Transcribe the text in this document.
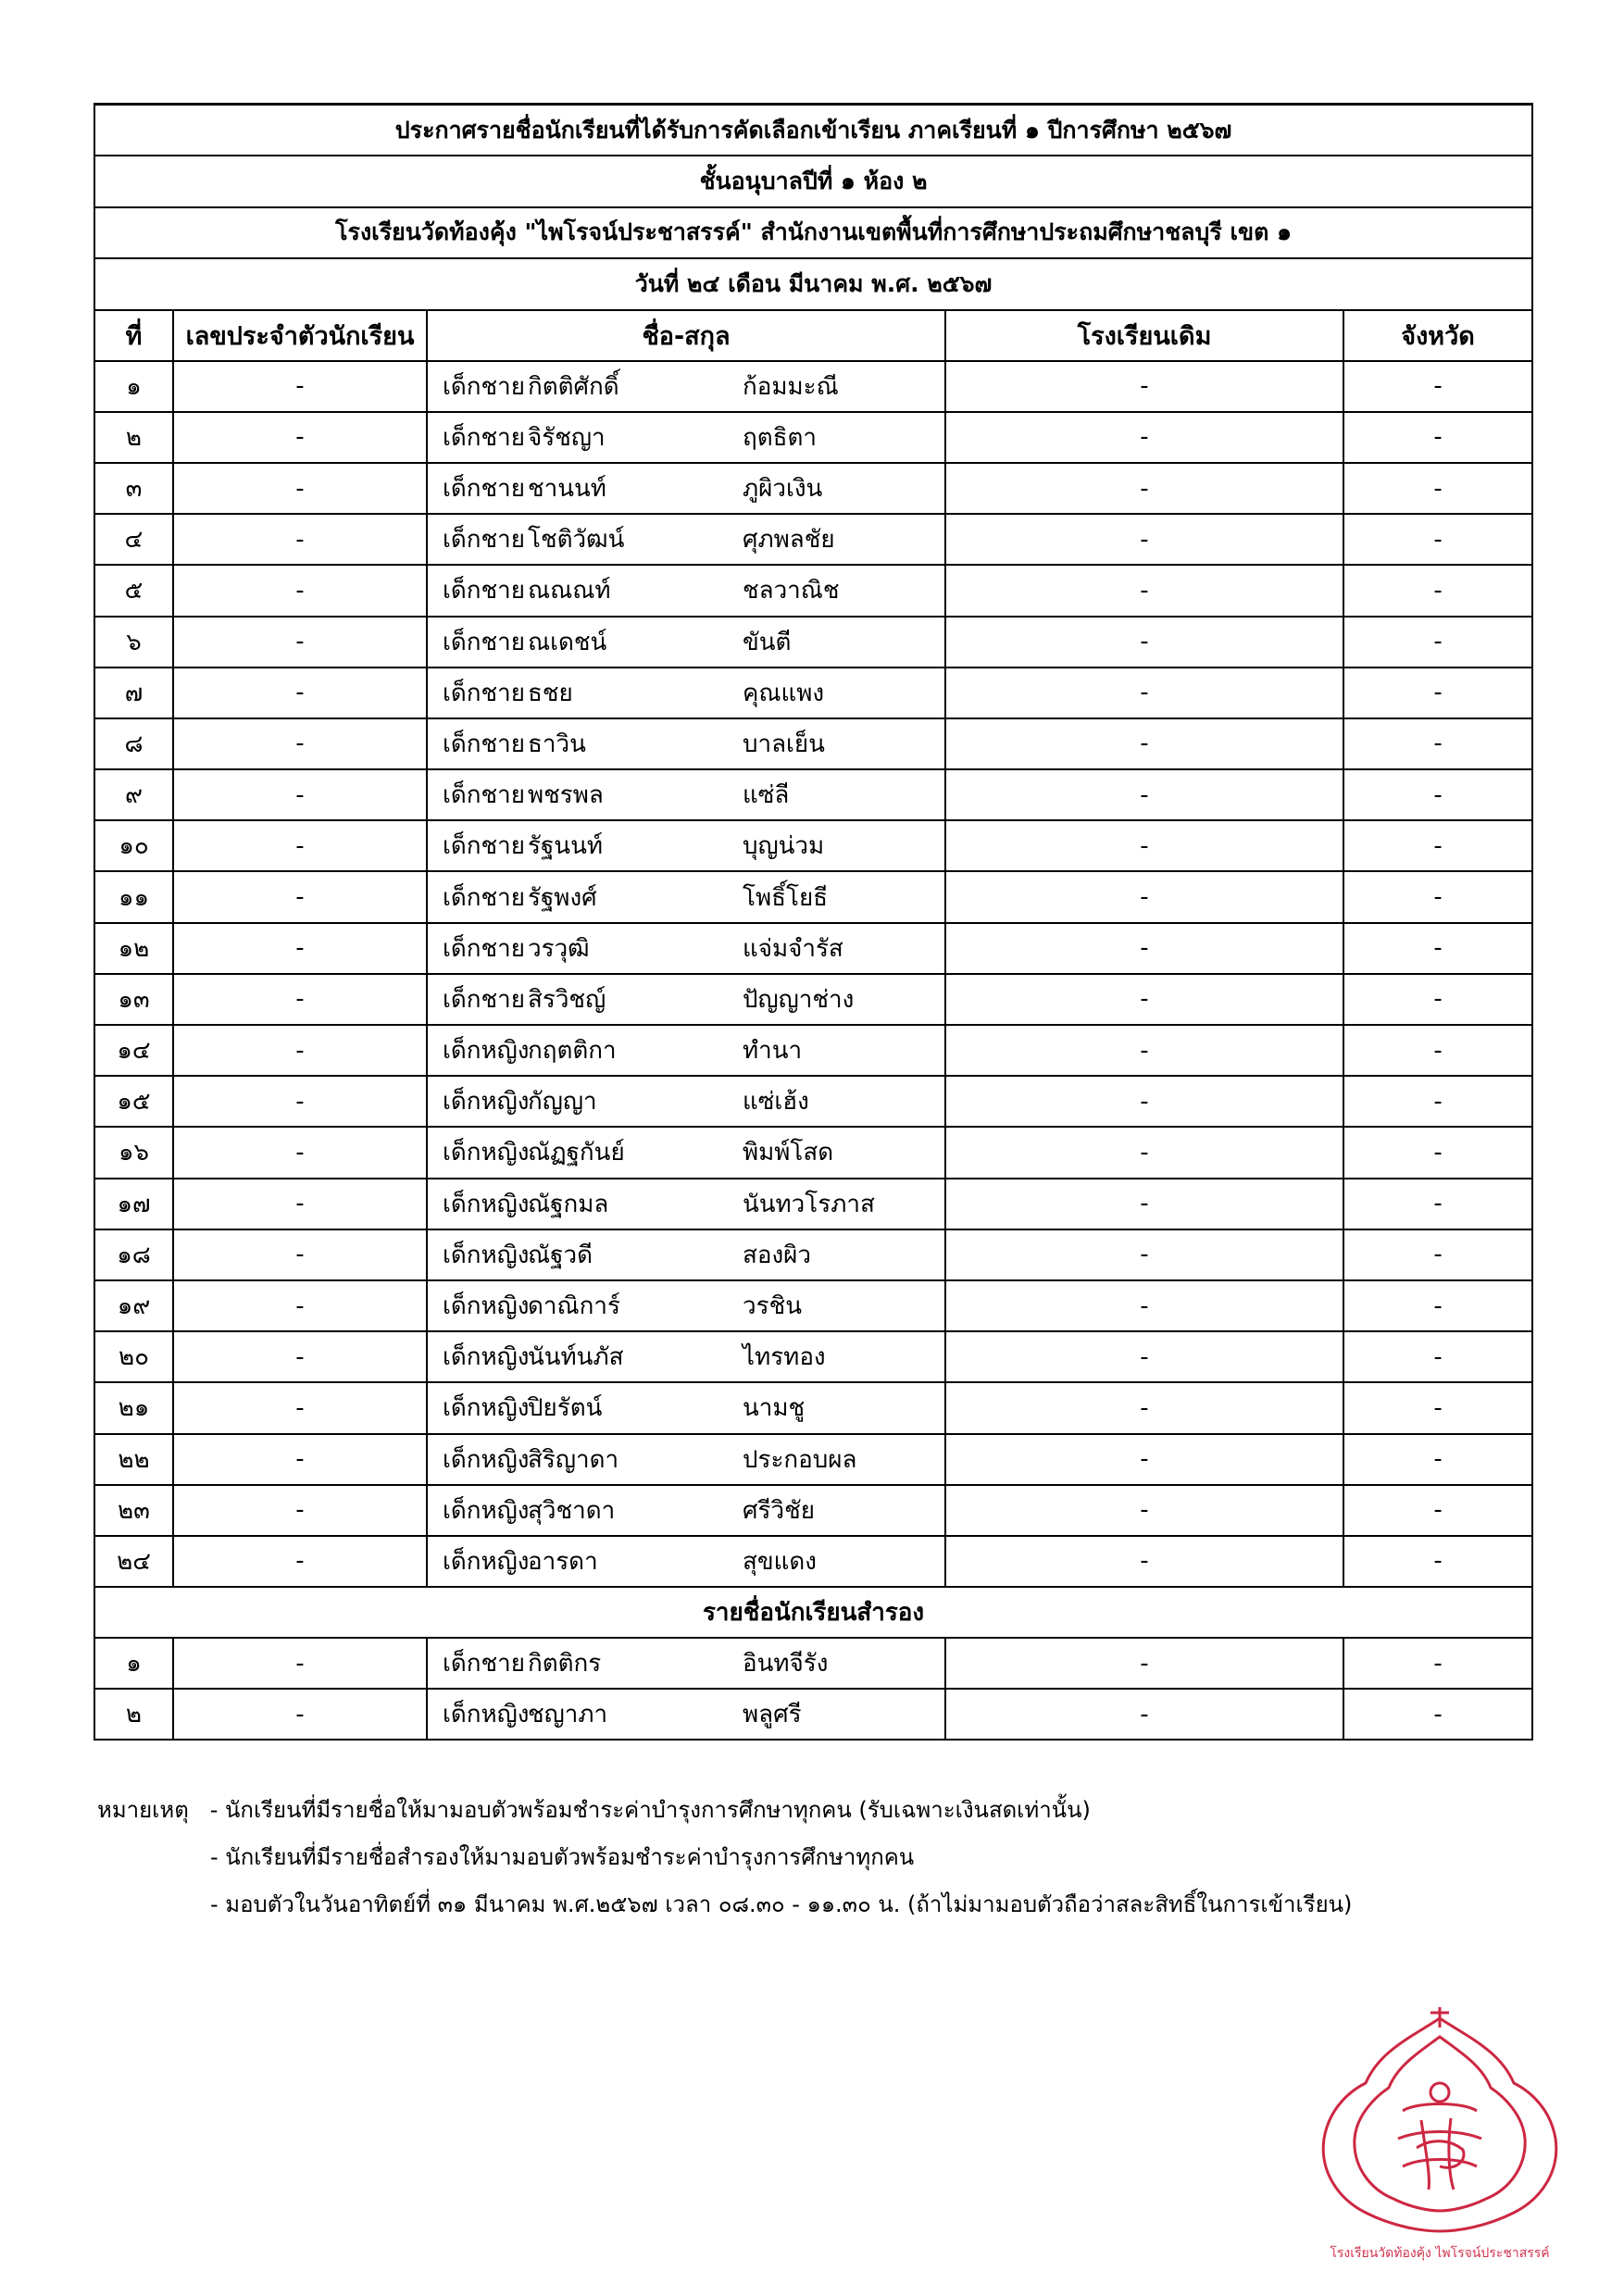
ประกาศรายชื่อนักเรียนที่ได้รับการคัดเลือกเข้าเรียน ภาคเรียนที่ ๑ ปีการศึกษา ๒๕๖๗				
ชั้นอนุบาลปีที่ ๑ ห้อง ๒				
โรงเรียนวัดท้องคุ้ง "ไพโรจน์ประชาสรรค์" สำนักงานเขตพื้นที่การศึกษาประถมศึกษาชลบุรี เขต ๑				
วันที่ ๒๔ เดือน มีนาคม พ.ศ. ๒๕๖๗				
ที่	เลขประจำตัวนักเรียน	ชื่อ-สกุล	โรงเรียนเดิม	จังหวัด
๑	-	เด็กชาย กิตติศักดิ์ ก้อมมะณี	-	-
๒	-	เด็กชาย จิรัชญา ฤตธิตา	-	-
๓	-	เด็กชาย ชานนท์ ภูผิวเงิน	-	-
๔	-	เด็กชาย โชติวัฒน์ ศุภพลชัย	-	-
๕	-	เด็กชาย ณณณท์ ชลวาณิช	-	-
๖	-	เด็กชาย ณเดชน์ ขันตี	-	-
๗	-	เด็กชาย ธชย คุณแพง	-	-
๘	-	เด็กชาย ธาวิน บาลเย็น	-	-
๙	-	เด็กชาย พชรพล แซ่ลี	-	-
๑๐	-	เด็กชาย รัฐนนท์ บุญน่วม	-	-
๑๑	-	เด็กชาย รัฐพงศ์ โพธิ์โยธี	-	-
๑๒	-	เด็กชาย วรวุฒิ แจ่มจำรัส	-	-
๑๓	-	เด็กชาย สิรวิชญ์ ปัญญาช่าง	-	-
๑๔	-	เด็กหญิงกฤตติกา ทำนา	-	-
๑๕	-	เด็กหญิงกัญญา แซ่เฮ้ง	-	-
๑๖	-	เด็กหญิงณัฏฐกันย์ พิมพ์โสด	-	-
๑๗	-	เด็กหญิงณัฐกมล นันทวโรภาส	-	-
๑๘	-	เด็กหญิงณัฐวดี สองผิว	-	-
๑๙	-	เด็กหญิงดาณิการ์ วรชิน	-	-
๒๐	-	เด็กหญิงนันท์นภัส ไทรทอง	-	-
๒๑	-	เด็กหญิงปิยรัตน์ นามชู	-	-
๒๒	-	เด็กหญิงสิริญาดา ประกอบผล	-	-
๒๓	-	เด็กหญิงสุวิชาดา ศรีวิชัย	-	-
๒๔	-	เด็กหญิงอารดา สุขแดง	-	-
รายชื่อนักเรียนสำรอง				
๑	-	เด็กชาย กิตติกร อินทจีรัง	-	-
๒	-	เด็กหญิงชญาภา พลูศรี	-	-
หมายเหตุ - นักเรียนที่มีรายชื่อให้มามอบตัวพร้อมชำระค่าบำรุงการศึกษาทุกคน (รับเฉพาะเงินสดเท่านั้น)
- นักเรียนที่มีรายชื่อสำรองให้มามอบตัวพร้อมชำระค่าบำรุงการศึกษาทุกคน
- มอบตัวในวันอาทิตย์ที่ ๓๑ มีนาคม พ.ศ.๒๕๖๗ เวลา ๐๘.๓๐ - ๑๑.๓๐ น. (ถ้าไม่มามอบตัวถือว่าสละสิทธิ์ในการเข้าเรียน)
โรงเรียนวัดท้องคุ้ง ไพโรจน์ประชาสรรค์
